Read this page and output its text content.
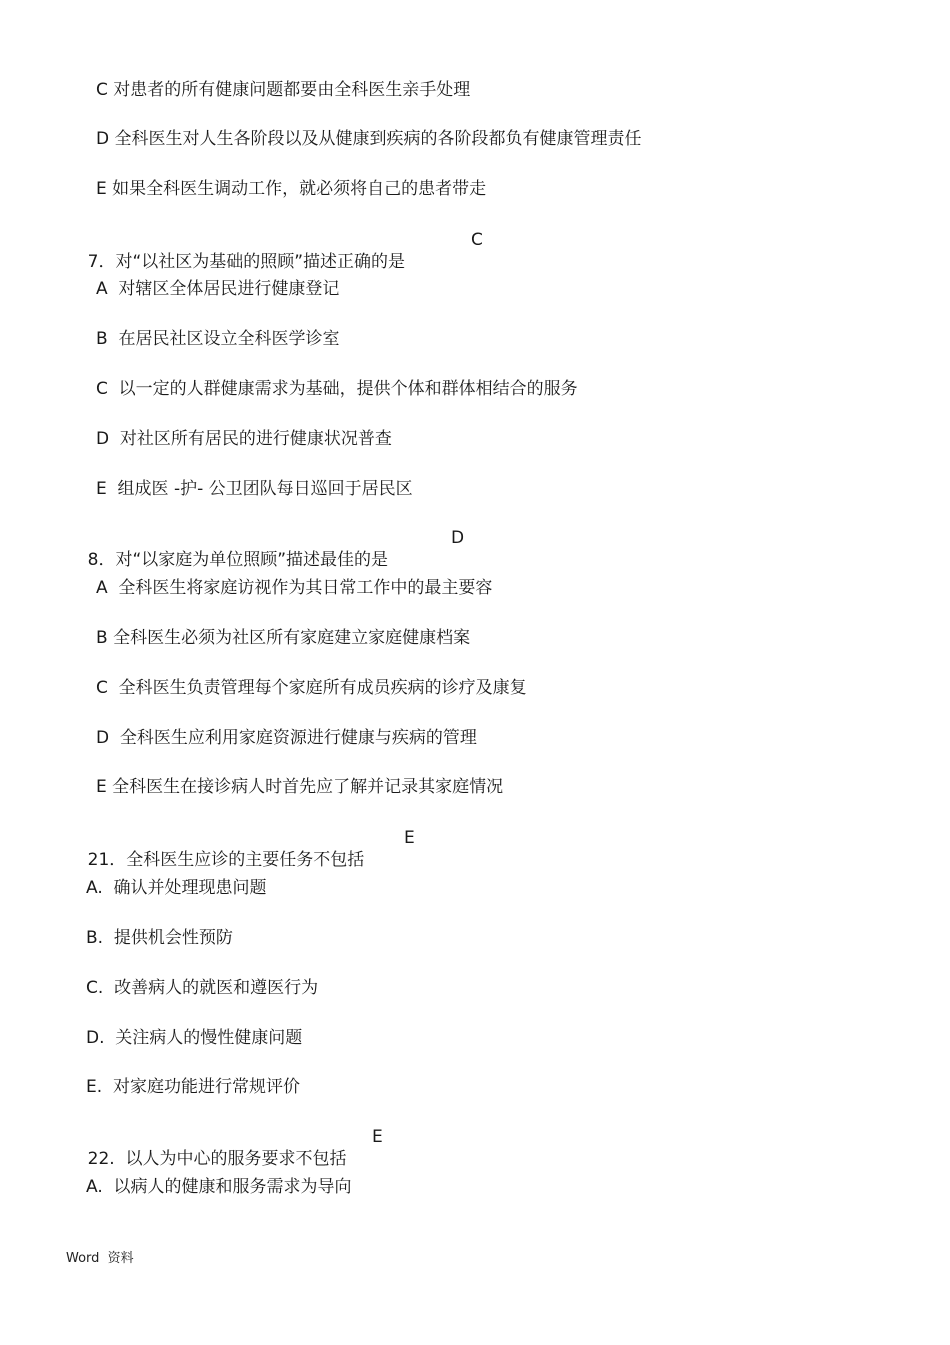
C 对患者的所有健康问题都要由全科医生亲手处理
D 全科医生对人生各阶段以及从健康到疾病的各阶段都负有健康管理责任
E 如果全科医生调动工作，就必须将自己的患者带走

7．对“以社区为基础的照顾”描述正确的是

C
A  对辖区全体居民进行健康登记
B  在居民社区设立全科医学诊室
C  以一定的人群健康需求为基础，提供个体和群体相结合的服务
D  对社区所有居民的进行健康状况普查
E  组成医 -护- 公卫团队每日巡回于居民区

8．对“以家庭为单位照顾”描述最佳的是

D
A  全科医生将家庭访视作为其日常工作中的最主要容
B 全科医生必须为社区所有家庭建立家庭健康档案
C  全科医生负责管理每个家庭所有成员疾病的诊疗及康复
D  全科医生应利用家庭资源进行健康与疾病的管理
E 全科医生在接诊病人时首先应了解并记录其家庭情况

21．全科医生应诊的主要任务不包括

E
A.  确认并处理现患问题
B.  提供机会性预防
C.  改善病人的就医和遵医行为
D.  关注病人的慢性健康问题
E.  对家庭功能进行常规评价

22.  以人为中心的服务要求不包括

E
A.  以病人的健康和服务需求为导向
Word  资料
